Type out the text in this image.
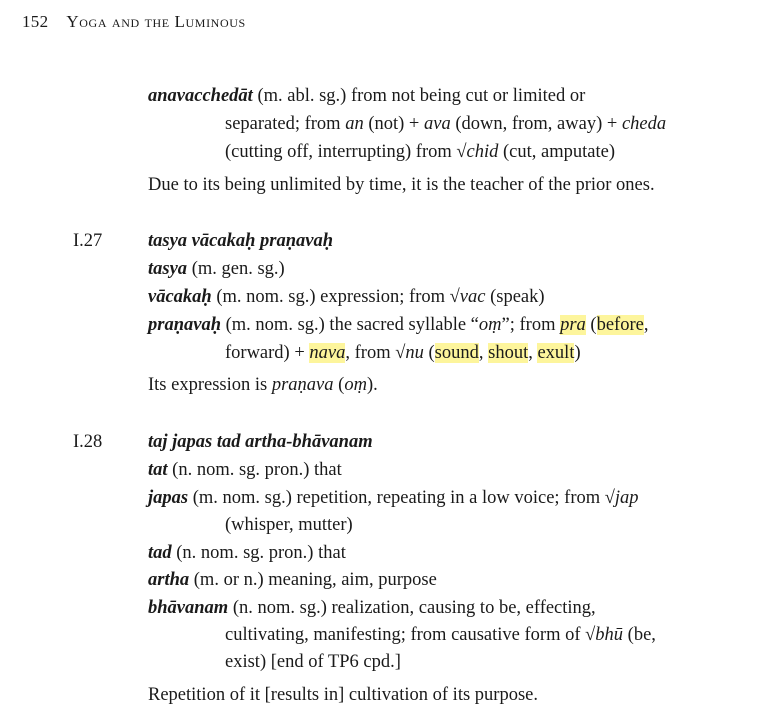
152 Yoga and the Luminous
anavacchedāt (m. abl. sg.) from not being cut or limited or
separated; from an (not) + ava (down, from, away) + cheda
(cutting off, interrupting) from √chid (cut, amputate)
Due to its being unlimited by time, it is the teacher of the prior ones.
I.27 tasya vācakaḥ praṇavaḥ
tasya (m. gen. sg.)
vācakaḥ (m. nom. sg.) expression; from √vac (speak)
praṇavaḥ (m. nom. sg.) the sacred syllable “oṃ”; from pra (before,
forward) + nava, from √nu (sound, shout, exult)
Its expression is praṇava (oṃ).
I.28 taj japas tad artha-bhāvanam
tat (n. nom. sg. pron.) that
japas (m. nom. sg.) repetition, repeating in a low voice; from √jap
(whisper, mutter)
tad (n. nom. sg. pron.) that
artha (m. or n.) meaning, aim, purpose
bhāvanam (n. nom. sg.) realization, causing to be, effecting,
cultivating, manifesting; from causative form of √bhū (be,
exist) [end of TP6 cpd.]
Repetition of it [results in] cultivation of its purpose.
